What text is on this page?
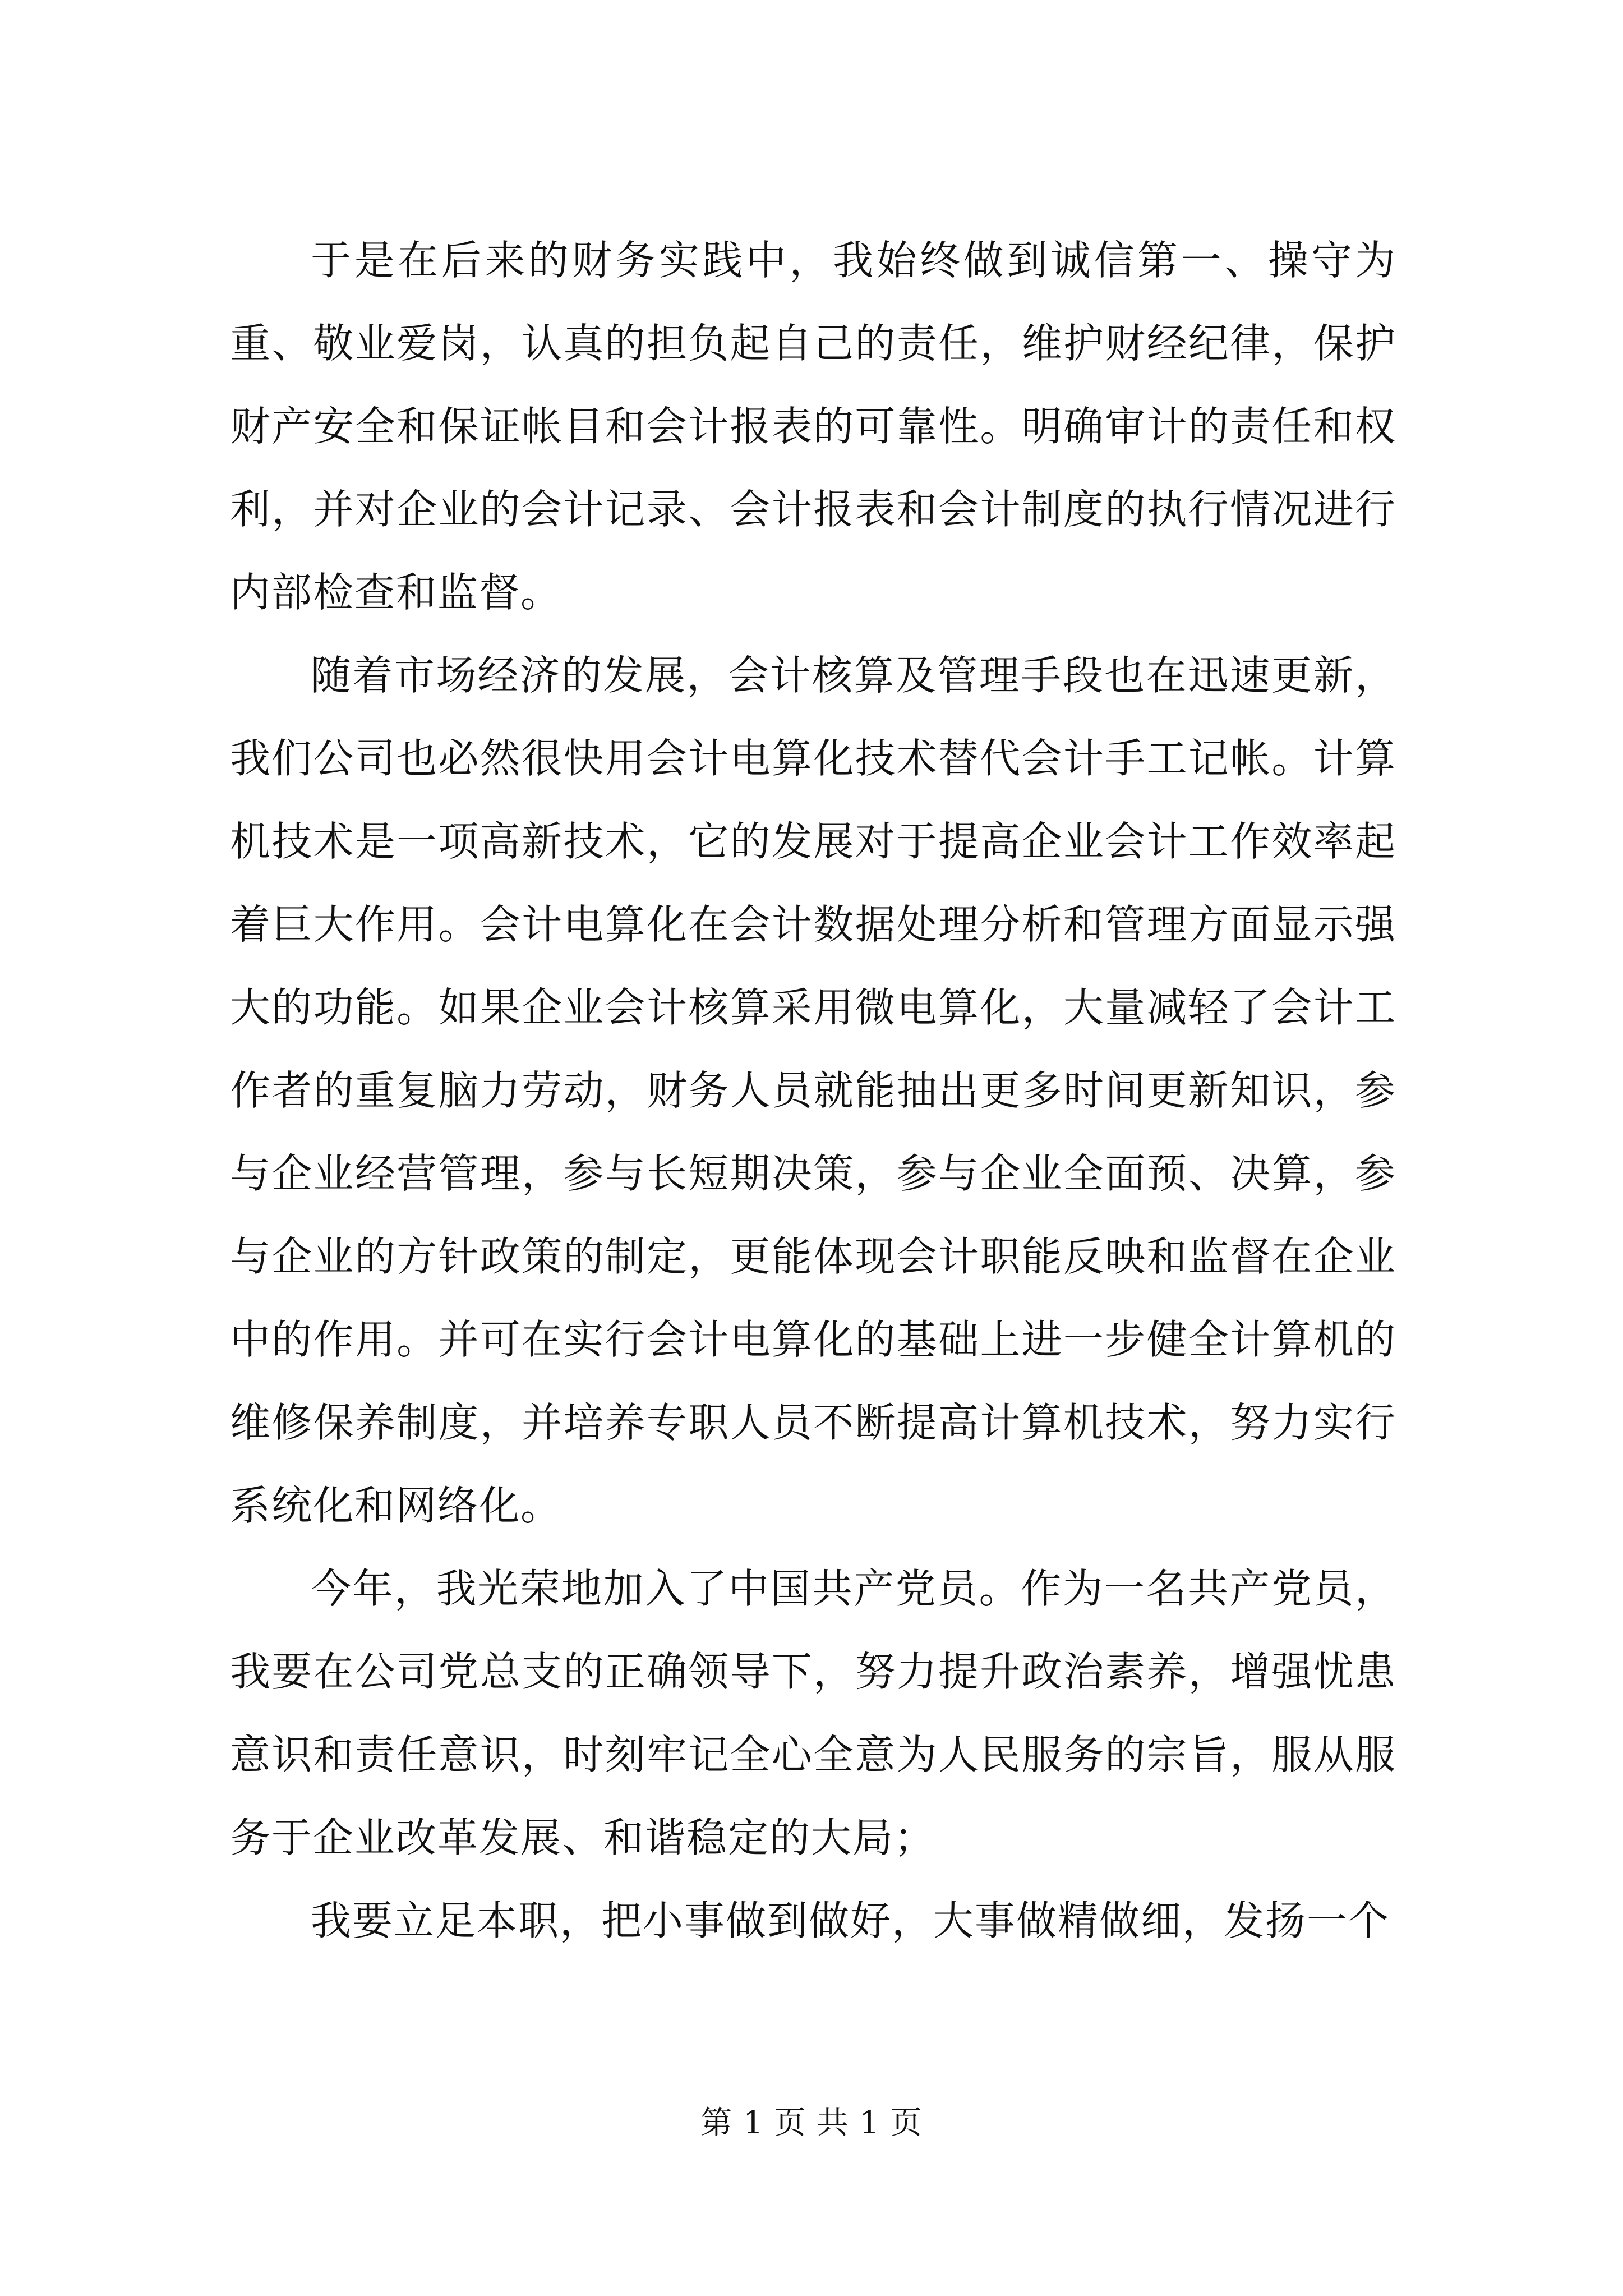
于是在后来的财务实践中，我始终做到诚信第一、操守为重、敬业爱岗，认真的担负起自己的责任，维护财经纪律，保护财产安全和保证帐目和会计报表的可靠性。明确审计的责任和权利，并对企业的会计记录、会计报表和会计制度的执行情况进行内部检查和监督。

随着市场经济的发展，会计核算及管理手段也在迅速更新，我们公司也必然很快用会计电算化技术替代会计手工记帐。计算机技术是一项高新技术，它的发展对于提高企业会计工作效率起着巨大作用。会计电算化在会计数据处理分析和管理方面显示强大的功能。如果企业会计核算采用微电算化，大量减轻了会计工作者的重复脑力劳动，财务人员就能抽出更多时间更新知识，参与企业经营管理，参与长短期决策，参与企业全面预、决算，参与企业的方针政策的制定，更能体现会计职能反映和监督在企业中的作用。并可在实行会计电算化的基础上进一步健全计算机的维修保养制度，并培养专职人员不断提高计算机技术，努力实行系统化和网络化。

今年，我光荣地加入了中国共产党员。作为一名共产党员，我要在公司党总支的正确领导下，努力提升政治素养，增强忧患意识和责任意识，时刻牢记全心全意为人民服务的宗旨，服从服务于企业改革发展、和谐稳定的大局；

我要立足本职，把小事做到做好，大事做精做细，发扬一个

第 1 页 共 1 页
